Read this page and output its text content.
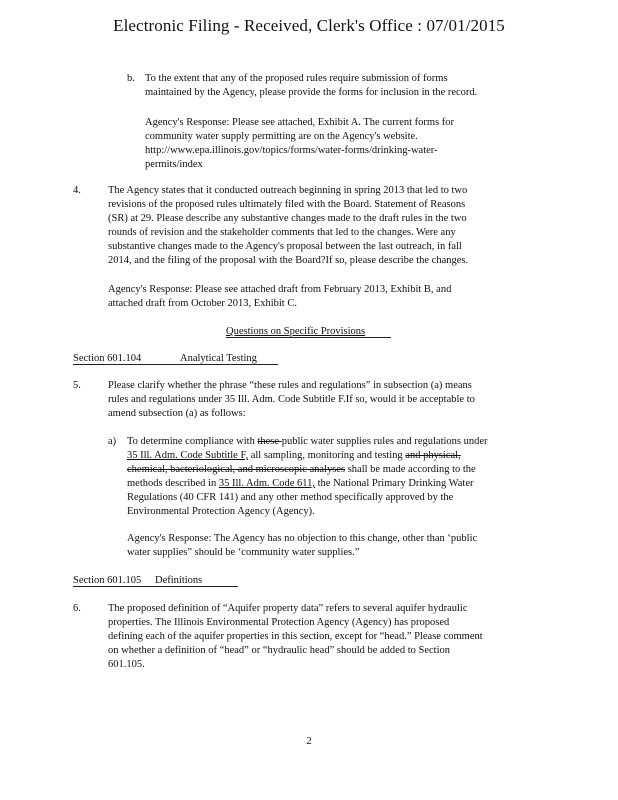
Electronic Filing - Received, Clerk's Office : 07/01/2015
b. To the extent that any of the proposed rules require submission of forms
maintained by the Agency, please provide the forms for inclusion in the record.
Agency's Response: Please see attached, Exhibit A. The current forms for
community water supply permitting are on the Agency's website.
http://www.epa.illinois.gov/topics/forms/water-forms/drinking-water-
permits/index
4.	The Agency states that it conducted outreach beginning in spring 2013 that led to two
revisions of the proposed rules ultimately filed with the Board. Statement of Reasons
(SR) at 29. Please describe any substantive changes made to the draft rules in the two
rounds of revision and the stakeholder comments that led to the changes. Were any
substantive changes made to the Agency's proposal between the last outreach, in fall
2014, and the filing of the proposal with the Board?If so, please describe the changes.
Agency's Response: Please see attached draft from February 2013, Exhibit B, and
attached draft from October 2013, Exhibit C.
Questions on Specific Provisions
Section 601.104	Analytical Testing
5.	Please clarify whether the phrase “these rules and regulations” in subsection (a) means
rules and regulations under 35 Ill. Adm. Code Subtitle F.If so, would it be acceptable to
amend subsection (a) as follows:
a) To determine compliance with these public water supplies rules and regulations under
35 Ill. Adm. Code Subtitle F, all sampling, monitoring and testing and physical,
chemical, bacteriological, and microscopic analyses shall be made according to the
methods described in 35 Ill. Adm. Code 611, the National Primary Drinking Water
Regulations (40 CFR 141) and any other method specifically approved by the
Environmental Protection Agency (Agency).
Agency's Response: The Agency has no objection to this change, other than ‘public
water supplies” should be ‘community water supplies.”
Section 601.105 Definitions
6.	The proposed definition of “Aquifer property data” refers to several aquifer hydraulic
properties. The Illinois Environmental Protection Agency (Agency) has proposed
defining each of the aquifer properties in this section, except for “head.” Please comment
on whether a definition of “head” or “hydraulic head” should be added to Section
601.105.
2
